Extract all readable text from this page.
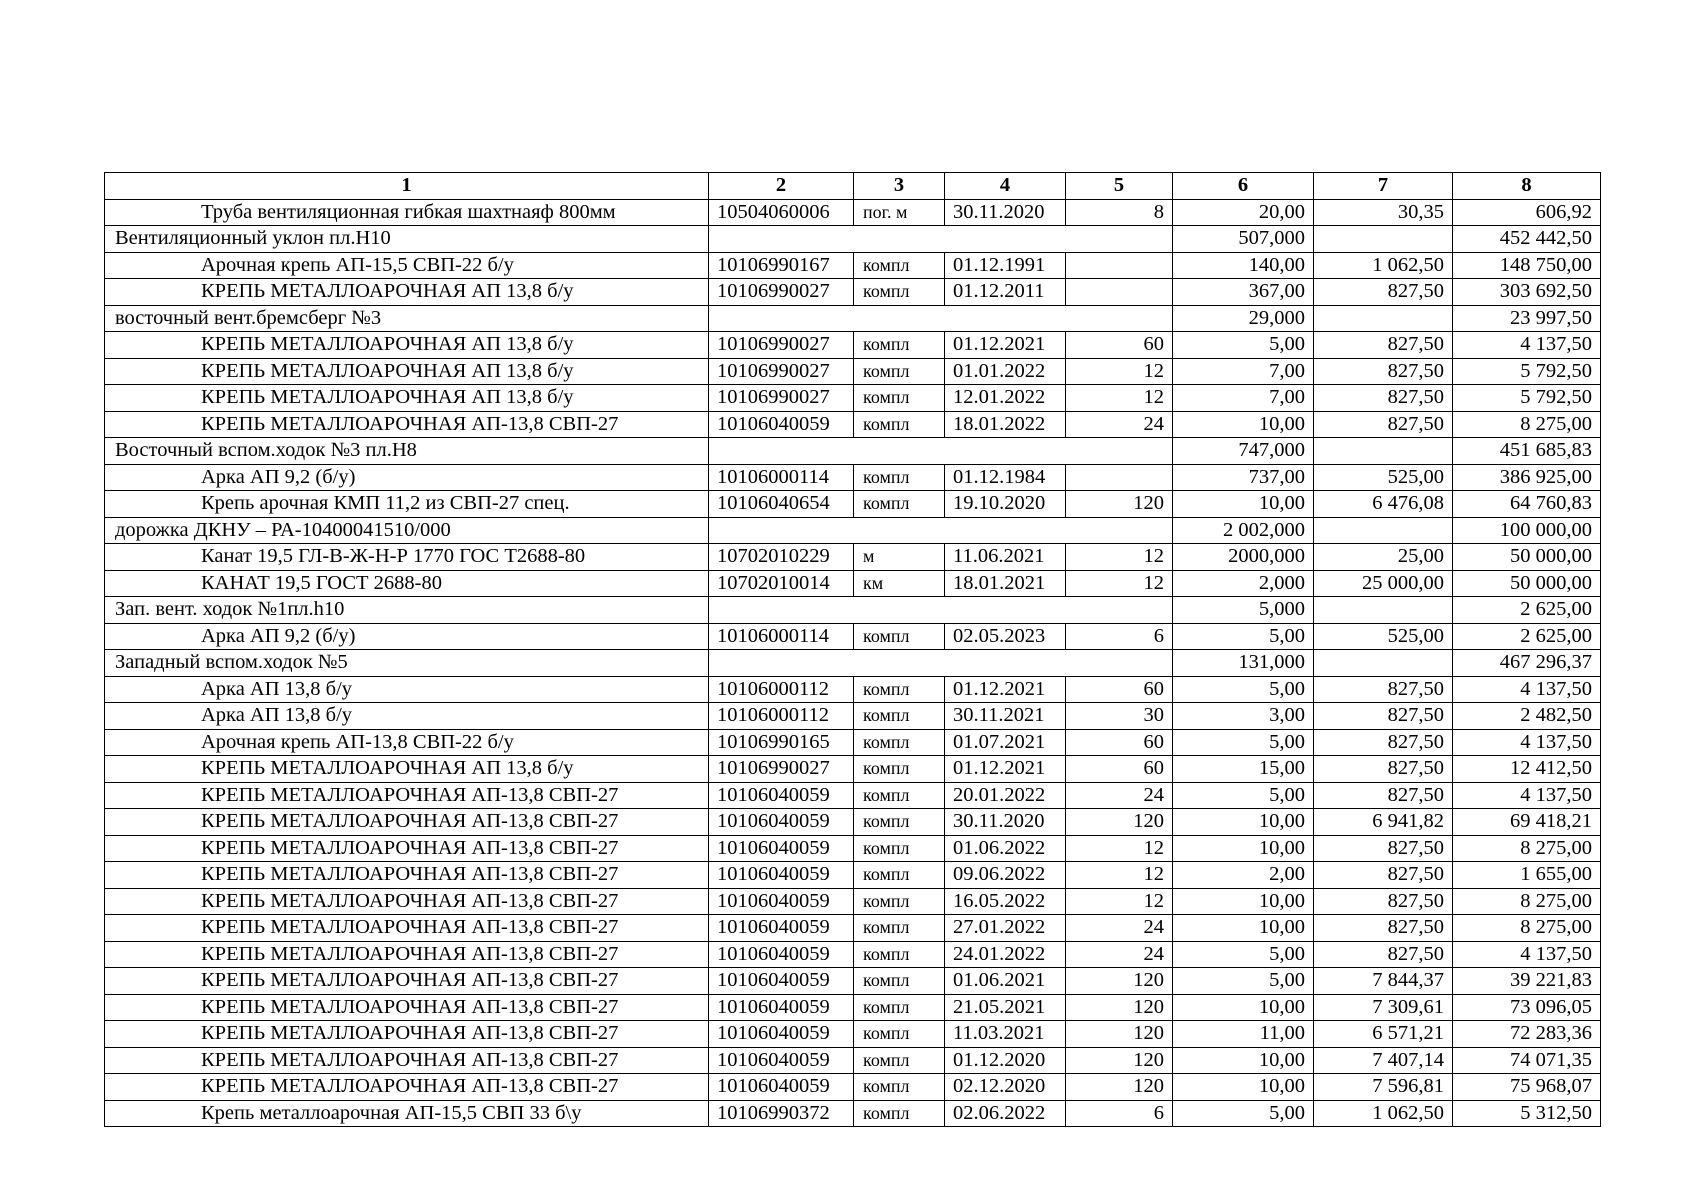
1	2	3	4	5	6	7	8
Труба вентиляционная гибкая шахтнаяф 800мм	10504060006	пог. м	30.11.2020	8	20,00	30,35	606,92
Вентиляционный уклон пл.Н10					507,000		452 442,50
Арочная крепь АП-15,5 СВП-22 б/у	10106990167	компл	01.12.1991		140,00	1 062,50	148 750,00
КРЕПЬ МЕТАЛЛОАРОЧНАЯ АП 13,8 б/у	10106990027	компл	01.12.2011		367,00	827,50	303 692,50
восточный вент.бремсберг №3					29,000		23 997,50
КРЕПЬ МЕТАЛЛОАРОЧНАЯ АП 13,8 б/у	10106990027	компл	01.12.2021	60	5,00	827,50	4 137,50
КРЕПЬ МЕТАЛЛОАРОЧНАЯ АП 13,8 б/у	10106990027	компл	01.01.2022	12	7,00	827,50	5 792,50
КРЕПЬ МЕТАЛЛОАРОЧНАЯ АП 13,8 б/у	10106990027	компл	12.01.2022	12	7,00	827,50	5 792,50
КРЕПЬ МЕТАЛЛОАРОЧНАЯ АП-13,8 СВП-27	10106040059	компл	18.01.2022	24	10,00	827,50	8 275,00
Восточный вспом.ходок №3 пл.Н8					747,000		451 685,83
Арка АП 9,2 (б/у)	10106000114	компл	01.12.1984		737,00	525,00	386 925,00
Крепь арочная КМП 11,2 из СВП-27 спец.	10106040654	компл	19.10.2020	120	10,00	6 476,08	64 760,83
дорожка ДКНУ – РА-10400041510/000					2 002,000		100 000,00
Канат 19,5 ГЛ-В-Ж-Н-Р 1770 ГОС Т2688-80	10702010229	м	11.06.2021	12	2000,000	25,00	50 000,00
КАНАТ 19,5 ГОСТ 2688-80	10702010014	км	18.01.2021	12	2,000	25 000,00	50 000,00
Зап. вент. ходок №1пл.h10					5,000		2 625,00
Арка АП 9,2 (б/у)	10106000114	компл	02.05.2023	6	5,00	525,00	2 625,00
Западный вспом.ходок №5					131,000		467 296,37
Арка АП 13,8 б/у	10106000112	компл	01.12.2021	60	5,00	827,50	4 137,50
Арка АП 13,8 б/у	10106000112	компл	30.11.2021	30	3,00	827,50	2 482,50
Арочная крепь АП-13,8 СВП-22 б/у	10106990165	компл	01.07.2021	60	5,00	827,50	4 137,50
КРЕПЬ МЕТАЛЛОАРОЧНАЯ АП 13,8 б/у	10106990027	компл	01.12.2021	60	15,00	827,50	12 412,50
КРЕПЬ МЕТАЛЛОАРОЧНАЯ АП-13,8 СВП-27	10106040059	компл	20.01.2022	24	5,00	827,50	4 137,50
КРЕПЬ МЕТАЛЛОАРОЧНАЯ АП-13,8 СВП-27	10106040059	компл	30.11.2020	120	10,00	6 941,82	69 418,21
КРЕПЬ МЕТАЛЛОАРОЧНАЯ АП-13,8 СВП-27	10106040059	компл	01.06.2022	12	10,00	827,50	8 275,00
КРЕПЬ МЕТАЛЛОАРОЧНАЯ АП-13,8 СВП-27	10106040059	компл	09.06.2022	12	2,00	827,50	1 655,00
КРЕПЬ МЕТАЛЛОАРОЧНАЯ АП-13,8 СВП-27	10106040059	компл	16.05.2022	12	10,00	827,50	8 275,00
КРЕПЬ МЕТАЛЛОАРОЧНАЯ АП-13,8 СВП-27	10106040059	компл	27.01.2022	24	10,00	827,50	8 275,00
КРЕПЬ МЕТАЛЛОАРОЧНАЯ АП-13,8 СВП-27	10106040059	компл	24.01.2022	24	5,00	827,50	4 137,50
КРЕПЬ МЕТАЛЛОАРОЧНАЯ АП-13,8 СВП-27	10106040059	компл	01.06.2021	120	5,00	7 844,37	39 221,83
КРЕПЬ МЕТАЛЛОАРОЧНАЯ АП-13,8 СВП-27	10106040059	компл	21.05.2021	120	10,00	7 309,61	73 096,05
КРЕПЬ МЕТАЛЛОАРОЧНАЯ АП-13,8 СВП-27	10106040059	компл	11.03.2021	120	11,00	6 571,21	72 283,36
КРЕПЬ МЕТАЛЛОАРОЧНАЯ АП-13,8 СВП-27	10106040059	компл	01.12.2020	120	10,00	7 407,14	74 071,35
КРЕПЬ МЕТАЛЛОАРОЧНАЯ АП-13,8 СВП-27	10106040059	компл	02.12.2020	120	10,00	7 596,81	75 968,07
Крепь металлоарочная АП-15,5 СВП 33 б\у	10106990372	компл	02.06.2022	6	5,00	1 062,50	5 312,50
